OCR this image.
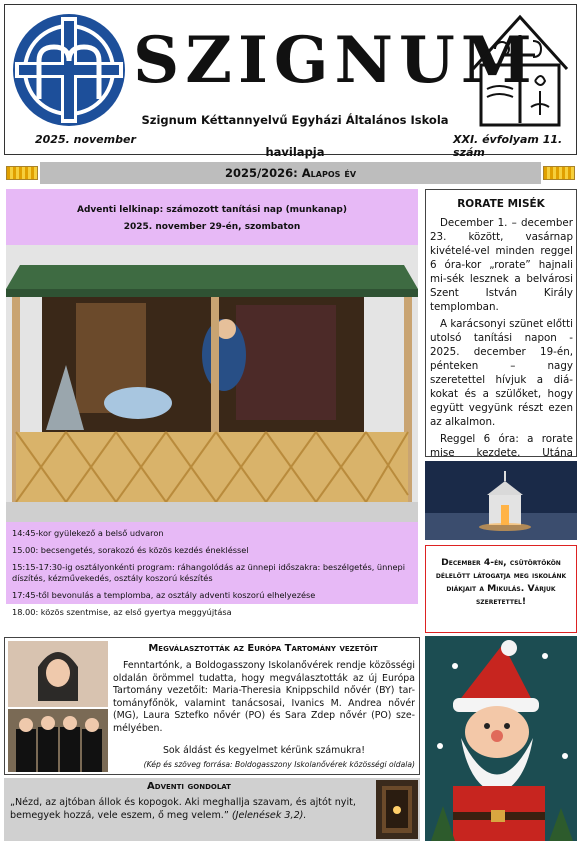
SZIGNUM
Szignum Kéttannyelvű Egyházi Általános Iskola
2025. november	XXI. évfolyam 11. szám
havilapja
2025/2026: Alapos év
Adventi lelkinap: számozott tanítási nap (munkanap)
2025. november 29-én, szombaton
14:45-kor gyülekező a belső udvaron
15.00: becsengetés, sorakozó és közös kezdés énekléssel
15:15-17:30-ig osztályonkénti program: ráhangolódás az ünnepi időszakra: beszélgetés, ünnepi díszítés, kézművekedés, osztály koszorú készítés
17:45-től bevonulás a templomba, az osztály adventi koszorú elhelyezése
18.00: közös szentmise, az első gyertya meggyújtása
RORATE MISÉK

December 1. – december 23. között, vasárnap kivételé-vel minden reggel 6 óra-kor „rorate” hajnali mi-sék lesznek a belvárosi Szent István Király templomban.

A karácsonyi szünet előtti utolsó tanítási napon - 2025. december 19-én, pénteken – nagy szeretettel hívjuk a diá-kokat és a szülőket, hogy együtt vegyünk részt ezen az alkalmon.

Reggel 6 óra: a rorate mise kezdete. Utána

December 4-én, csütörtökön délelőtt látogatja meg iskolánk diákjait a Mikulás. Várjuk szeretettel!
Megválasztották az Európa Tartomány vezetőit

Fenntartónk, a Boldogasszony Iskolanővérek rendje közösségi oldalán örömmel tudatta, hogy megválasztották az új Európa Tartomány vezetőit: Maria-Theresia Knippschild nővér (BY) tar-tományfőnök, valamint tanácsosai, Ivanics M. Andrea nővér (MG), Laura Sztefko nővér (PO) és Sara Zdep nővér (PO) sze-mélyében.

Sok áldást és kegyelmet kérünk számukra!
(Kép és szöveg forrása: Boldogasszony Iskolanővérek közösségi oldala)
Adventi gondolat
„Nézd, az ajtóban állok és kopogok. Aki meghallja szavam, és ajtót nyit, bemegyek hozzá, vele eszem, ő meg velem.” (Jelenések 3,2).
